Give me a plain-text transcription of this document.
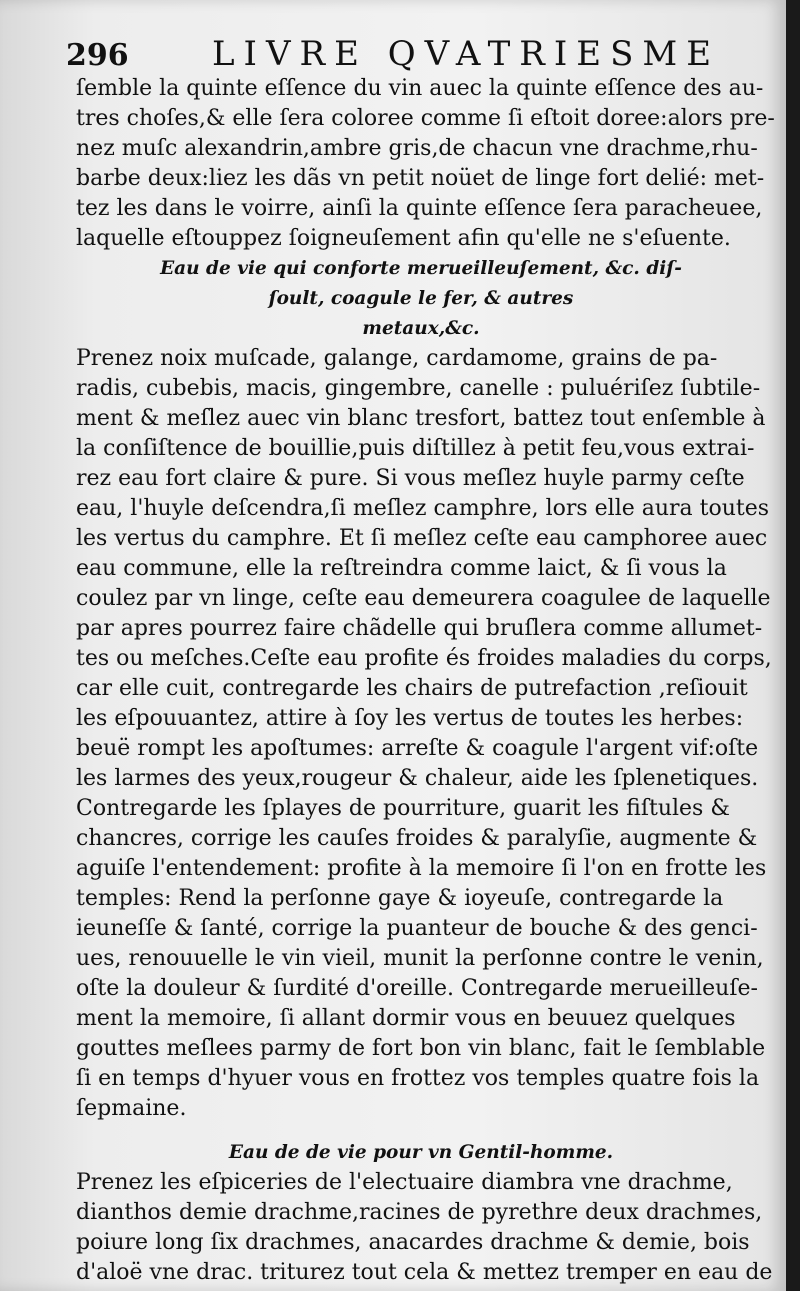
296 LIVRE QVATRIESME
ſemble la quinte eſſence du vin auec la quinte eſſence des au-
tres choſes,& elle ſera coloree comme ſi eſtoit doree:alors pre-
nez muſc alexandrin,ambre gris,de chacun vne drachme,rhu-
barbe deux:liez les dãs vn petit noüet de linge fort delié: met-
tez les dans le voirre, ainſi la quinte eſſence ſera paracheuee,
laquelle eſtouppez ſoigneuſement afin qu'elle ne s'eſuente.
Eau de vie qui conforte merueilleuſement, &c. diſ-
ſoult, coagule le fer, & autres
metaux,&c.
Prenez noix muſcade, galange, cardamome, grains de pa-
radis, cubebis, macis, gingembre, canelle : puluériſez ſubtile-
ment & meſlez auec vin blanc tresfort, battez tout enſemble à
la conſiſtence de bouillie,puis diſtillez à petit feu,vous extrai-
rez eau fort claire & pure. Si vous meſlez huyle parmy ceſte
eau, l'huyle deſcendra,ſi meſlez camphre, lors elle aura toutes
les vertus du camphre. Et ſi meſlez ceſte eau camphoree auec
eau commune, elle la reſtreindra comme laict, & ſi vous la
coulez par vn linge, ceſte eau demeurera coagulee de laquelle
par apres pourrez faire chãdelle qui bruſlera comme allumet-
tes ou meſches.Ceſte eau profite és froides maladies du corps,
car elle cuit, contregarde les chairs de putrefaction ,reſiouit
les eſpouuantez, attire à ſoy les vertus de toutes les herbes:
beuë rompt les apoſtumes: arreſte & coagule l'argent vif:oſte
les larmes des yeux,rougeur & chaleur, aide les ſplenetiques.
Contregarde les ſplayes de pourriture, guarit les fiſtules &
chancres, corrige les cauſes froides & paralyſie, augmente &
aguiſe l'entendement: profite à la memoire ſi l'on en frotte les
temples: Rend la perſonne gaye & ioyeuſe, contregarde la
ieuneſſe & ſanté, corrige la puanteur de bouche & des genci-
ues, renouuelle le vin vieil, munit la perſonne contre le venin,
oſte la douleur & ſurdité d'oreille. Contregarde merueilleuſe-
ment la memoire, ſi allant dormir vous en beuuez quelques
gouttes meſlees parmy de fort bon vin blanc, fait le ſemblable
ſi en temps d'hyuer vous en frottez vos temples quatre fois la
ſepmaine.
Eau de de vie pour vn Gentil-homme.
Prenez les eſpiceries de l'electuaire diambra vne drachme,
dianthos demie drachme,racines de pyrethre deux drachmes,
poiure long ſix drachmes, anacardes drachme & demie, bois
d'aloë vne drac. triturez tout cela & mettez tremper en eau de
